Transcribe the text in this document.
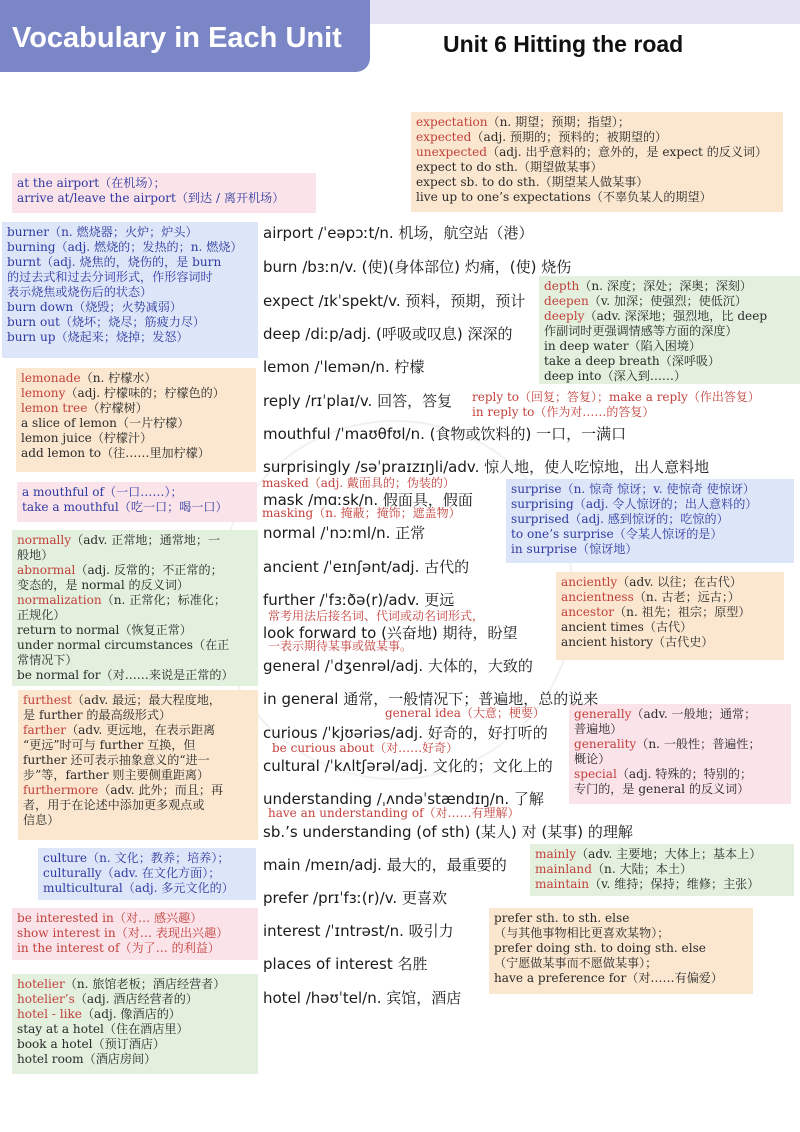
Vocabulary in Each Unit	Unit 6 Hitting the road
expectation（n. 期望；预期；指望）；
expected（adj. 预期的；预料的；被期望的）
unexpected（adj. 出乎意料的；意外的，是 expect 的反义词）
expect to do sth.（期望做某事）
expect sb. to do sth.（期望某人做某事）
live up to one’s expectations（不辜负某人的期望）
at the airport（在机场）；
arrive at/leave the airport（到达 / 离开机场）
burner（n. 燃烧器；火炉；炉头）
burning（adj. 燃烧的；发热的；n. 燃烧）
burnt（adj. 烧焦的，烧伤的，是 burn
的过去式和过去分词形式，作形容词时
表示烧焦或烧伤后的状态）
burn down（烧毁；火势减弱）
burn out（烧坏；烧尽；筋疲力尽）
burn up（烧起来；烧掉；发怒）
depth（n. 深度；深处；深奥；深刻）
deepen（v. 加深；使强烈；使低沉）
deeply（adv. 深深地；强烈地，比 deep
作副词时更强调情感等方面的深度）
in deep water（陷入困境）
take a deep breath（深呼吸）
deep into（深入到……）
lemonade（n. 柠檬水）
lemony（adj. 柠檬味的；柠檬色的）
lemon tree（柠檬树）
a slice of lemon（一片柠檬）
lemon juice（柠檬汁）
add lemon to（往……里加柠檬）
a mouthful of（一口……）；
take a mouthful（吃一口；喝一口）
surprise（n. 惊奇 惊讶；v. 使惊奇 使惊讶）
surprising（adj. 令人惊讶的；出人意料的）
surprised（adj. 感到惊讶的；吃惊的）
to one’s surprise（令某人惊讶的是）
in surprise（惊讶地）
normally（adv. 正常地；通常地；一
般地）
abnormal（adj. 反常的；不正常的；
变态的，是 normal 的反义词）
normalization（n. 正常化；标准化；
正规化）
return to normal（恢复正常）
under normal circumstances（在正
常情况下）
be normal for（对……来说是正常的）
anciently（adv. 以往；在古代）
ancientness（n. 古老；远古；）
ancestor（n. 祖先；祖宗；原型）
ancient times（古代）
ancient history（古代史）
furthest（adv. 最远；最大程度地，
是 further 的最高级形式）
farther（adv. 更远地，在表示距离
“更远”时可与 further 互换，但
further 还可表示抽象意义的“进一
步”等，farther 则主要侧重距离）
furthermore（adv. 此外；而且；再
者，用于在论述中添加更多观点或
信息）
generally（adv. 一般地；通常；
普遍地）
generality（n. 一般性；普遍性；
概论）
special（adj. 特殊的；特别的；
专门的，是 general 的反义词）
culture（n. 文化；教养；培养）；
culturally（adv. 在文化方面）；
multicultural（adj. 多元文化的）
mainly（adv. 主要地；大体上；基本上）
mainland（n. 大陆；本土）
maintain（v. 维持；保持；维修；主张）
be interested in（对… 感兴趣）
show interest in（对… 表现出兴趣）
in the interest of（为了… 的利益）
prefer sth. to sth. else
（与其他事物相比更喜欢某物）；
prefer doing sth. to doing sth. else
（宁愿做某事而不愿做某事）；
have a preference for（对……有偏爱）
hotelier（n. 旅馆老板；酒店经营者）
hotelier’s（adj. 酒店经营者的）
hotel - like（adj. 像酒店的）
stay at a hotel（住在酒店里）
book a hotel（预订酒店）
hotel room（酒店房间）
airport /ˈeəpɔːt/n. 机场，航空站（港）
burn /bɜːn/v. (使)(身体部位) 灼痛，(使) 烧伤
expect /ɪkˈspekt/v. 预料，预期，预计
deep /diːp/adj. (呼吸或叹息) 深深的
lemon /ˈlemən/n. 柠檬
reply /rɪˈplaɪ/v. 回答，答复
mouthful /ˈmaʊθfʊl/n. (食物或饮料的) 一口，一满口
surprisingly /səˈpraɪzɪŋli/adv. 惊人地，使人吃惊地，出人意料地
mask /mɑːsk/n. 假面具，假面
normal /ˈnɔːml/n. 正常
ancient /ˈeɪnʃənt/adj. 古代的
further /ˈfɜːðə(r)/adv. 更远
look forward to (兴奋地) 期待，盼望
general /ˈdʒenrəl/adj. 大体的，大致的
in general 通常，一般情况下；普遍地，总的说来
curious /ˈkjʊəriəs/adj. 好奇的，好打听的
cultural /ˈkʌltʃərəl/adj. 文化的；文化上的
understanding /ˌʌndəˈstændɪŋ/n. 了解
sb.’s understanding (of sth) (某人) 对 (某事) 的理解
main /meɪn/adj. 最大的，最重要的
prefer /prɪˈfɜː(r)/v. 更喜欢
interest /ˈɪntrəst/n. 吸引力
places of interest 名胜
hotel /həʊˈtel/n. 宾馆，酒店
reply to（回复；答复）；make a reply（作出答复）
in reply to（作为对……的答复）
masked（adj. 戴面具的；伪装的）
masking（n. 掩蔽；掩饰；遮盖物）
常考用法后接名词、代词或动名词形式，
一表示期待某事或做某事。
general idea（大意；梗要）
be curious about（对……好奇）
have an understanding of（对……有理解）
